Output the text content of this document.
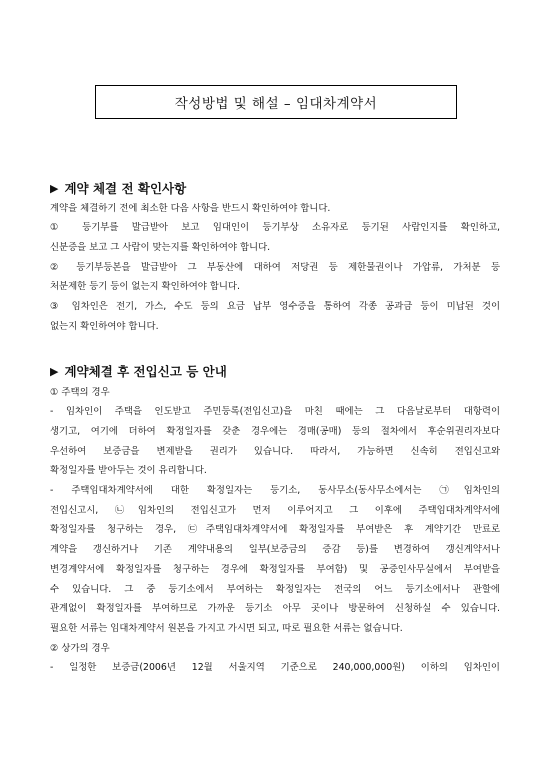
작성방법 및 해설 – 임대차계약서
▶ 계약 체결 전 확인사항
계약을 체결하기 전에 최소한 다음 사항을 반드시 확인하여야 합니다.
① 등기부를 발급받아 보고 임대인이 등기부상 소유자로 등기된 사람인지를 확인하고,
신분증을 보고 그 사람이 맞는지를 확인하여야 합니다.
② 등기부등본을 발급받아 그 부동산에 대하여 저당권 등 제한물권이나 가압류, 가처분 등
처분제한 등기 등이 없는지 확인하여야 합니다.
③ 임차인은 전기, 가스, 수도 등의 요금 납부 영수증을 통하여 각종 공과금 등이 미납된 것이
없는지 확인하여야 합니다.
▶ 계약체결 후 전입신고 등 안내
① 주택의 경우
- 임차인이 주택을 인도받고 주민등록(전입신고)을 마친 때에는 그 다음날로부터 대항력이
생기고, 여기에 더하여 확정일자를 갖춘 경우에는 경매(공매) 등의 절차에서 후순위권리자보다
우선하여 보증금을 변제받을 권리가 있습니다. 따라서, 가능하면 신속히 전입신고와
확정일자를 받아두는 것이 유리합니다.
- 주택임대차계약서에 대한 확정일자는 등기소, 동사무소(동사무소에서는 ㉠임차인의
전입신고시, ㉡임차인의 전입신고가 먼저 이루어지고 그 이후에 주택임대차계약서에
확정일자를 청구하는 경우, ㉢주택임대차계약서에 확정일자를 부여받은 후 계약기간 만료로
계약을 갱신하거나 기존 계약내용의 일부(보증금의 증감 등)를 변경하여 갱신계약서나
변경계약서에 확정일자를 청구하는 경우에 확정일자를 부여함) 및 공증인사무실에서 부여받을
수 있습니다. 그 중 등기소에서 부여하는 확정일자는 전국의 어느 등기소에서나 관할에
관계없이 확정일자를 부여하므로 가까운 등기소 아무 곳이나 방문하여 신청하실 수 있습니다.
필요한 서류는 임대차계약서 원본을 가지고 가시면 되고, 따로 필요한 서류는 없습니다.
② 상가의 경우
- 일정한 보증금(2006년 12월 서울지역 기준으로 240,000,000원) 이하의 임차인이
